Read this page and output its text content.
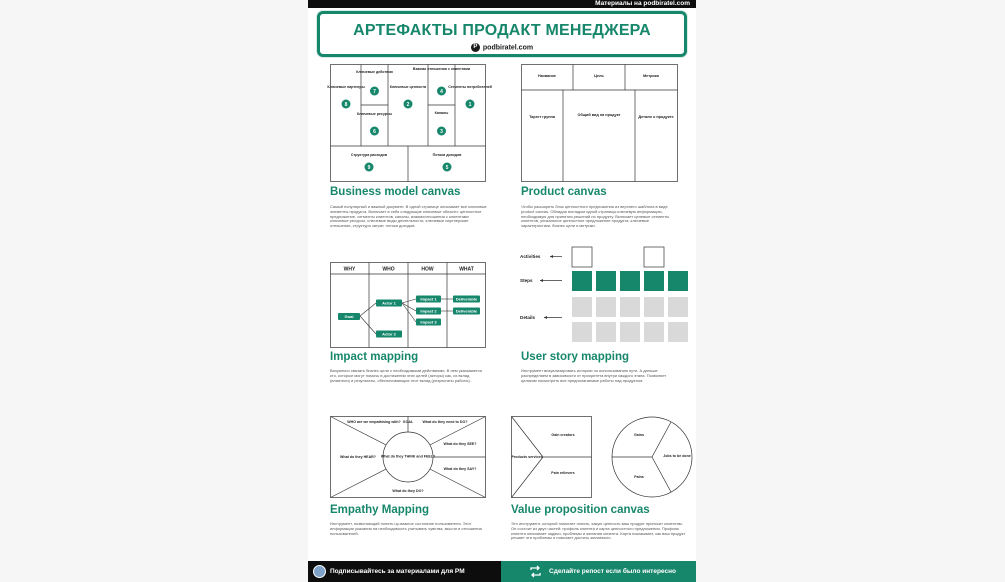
Материалы на podbiratel.com
АРТЕФАКТЫ ПРОДАКТ МЕНЕДЖЕРА
P podbiratel.com
Ключевые партнеры
Ключевые действия
Ключевые ресурсы
Ключевые ценности
Взаимо отношения с клиентами
Каналы
Сегменты потребителей
Структура расходов	Потоки доходов
8
7
6
2
4
3
1
9	5
Business model canvas
Самый популярный и важный документ. В одной странице описывает все ключевые элементы продукта. Включает в себя следующие ключевые области: ценностное предложение, сегменты клиентов, каналы, взаимоотношения с клиентами ключевые ресурсы, ключевые виды деятельности, ключевые партнерские отношения, структура затрат, потоки доходов.
Название	Цель	Метрики
Таргет группа	Общий вид на продукт	Детали о продукте
Product canvas
Чтобы расширить блок ценностного предложения из верхнего шаблона в виде product canvas. Обладая взглядом одной страницы ключевую информацию, необходимую для принятия решений по продукту. Включает целевые сегменты клиентов, уникальное ценностное предложение продукта, ключевые характеристики, бизнес цели и метрики.
WHY	WHO	HOW	WHAT
Goal
Actor 1
Actor 2
Impact 1
Impact 2
Impact 3
Deliverable
Deliverable
Impact mapping
Визуально связать бизнес цели с необходимыми действиями. В нем указывается кто, которые могут помочь в достижении этих целей (акторы) как, их вклад (влиятели) и результаты, обеспечивающие этот вклад (результаты работы).
Activities
Steps
Details
User story mapping
Инструмент визуализировать историю по использованию пути. А дальше распределяем в зависимости от приоритета внутри каждого этапа. Позволяет целиком посмотреть все предполагаемые работы над продуктом.
WHO are we empathising with? GOAL	What do they need to DO?
What do they SEE?
What do they SAY?
What do they HEAR?
What do they DO?
What do they THINK and FEEL?
Empathy Mapping
Инструмент, позволяющий понять up-важное состояние пользователя. Этот информации указания на необходимость учитывать чувства, мысли и отношения пользователей.
Gain creators
Products services
Pain relievers
Gains
Jobs to be done
Pains
Value proposition canvas
Это инструмент, который помогает понять, какую ценность ваш продукт приносит клиентам. Он состоит из двух частей: профиль клиента и карта ценностного предложения. Профиль клиента описывает задачи, проблемы и желания клиента. Карта показывает, как ваш продукт решает эти проблемы и помогает достичь желаемого.
Подписывайтесь за материалами для PM	Сделайте репост если было интересно
